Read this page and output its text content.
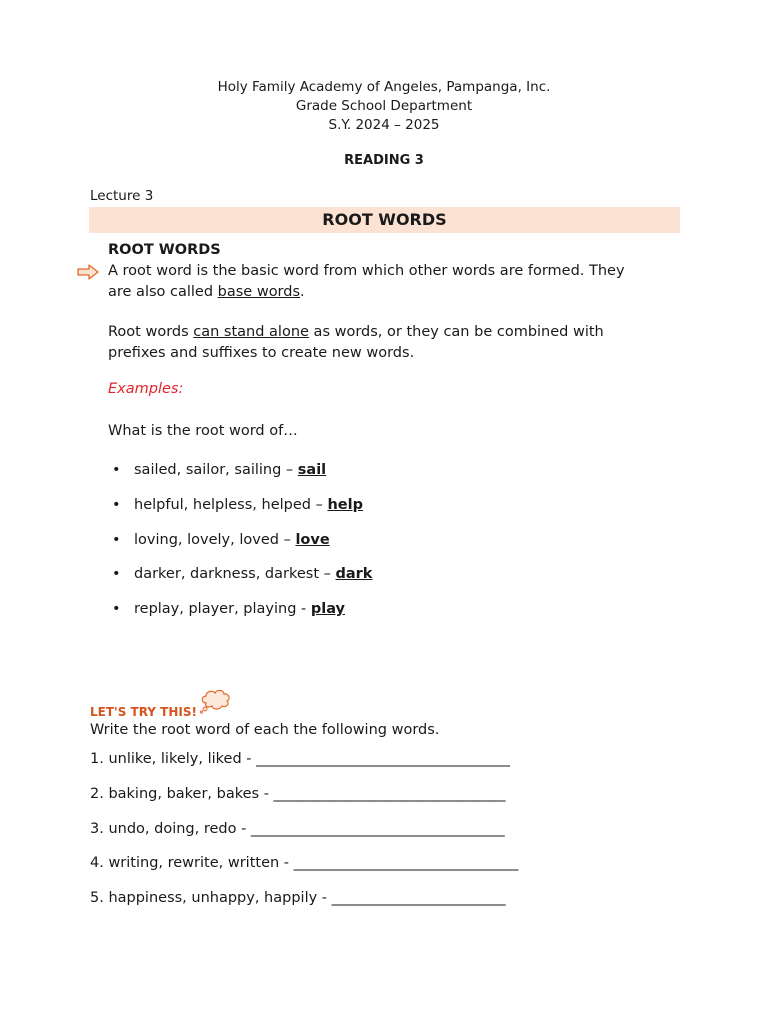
Holy Family Academy of Angeles, Pampanga, Inc.
Grade School Department
S.Y. 2024 – 2025
READING 3
Lecture 3
ROOT WORDS
ROOT WORDS
A root word is the basic word from which other words are formed. They
are also called base words.
Root words can stand alone as words, or they can be combined with
prefixes and suffixes to create new words.
Examples:
What is the root word of…
• sailed, sailor, sailing – sail
• helpful, helpless, helped – help
• loving, lovely, loved – love
• darker, darkness, darkest – dark
• replay, player, playing - play
LET'S TRY THIS!
Write the root word of each the following words.
1. unlike, likely, liked - ___________________________________
2. baking, baker, bakes - ________________________________
3. undo, doing, redo - ___________________________________
4. writing, rewrite, written - _______________________________
5. happiness, unhappy, happily - ________________________
